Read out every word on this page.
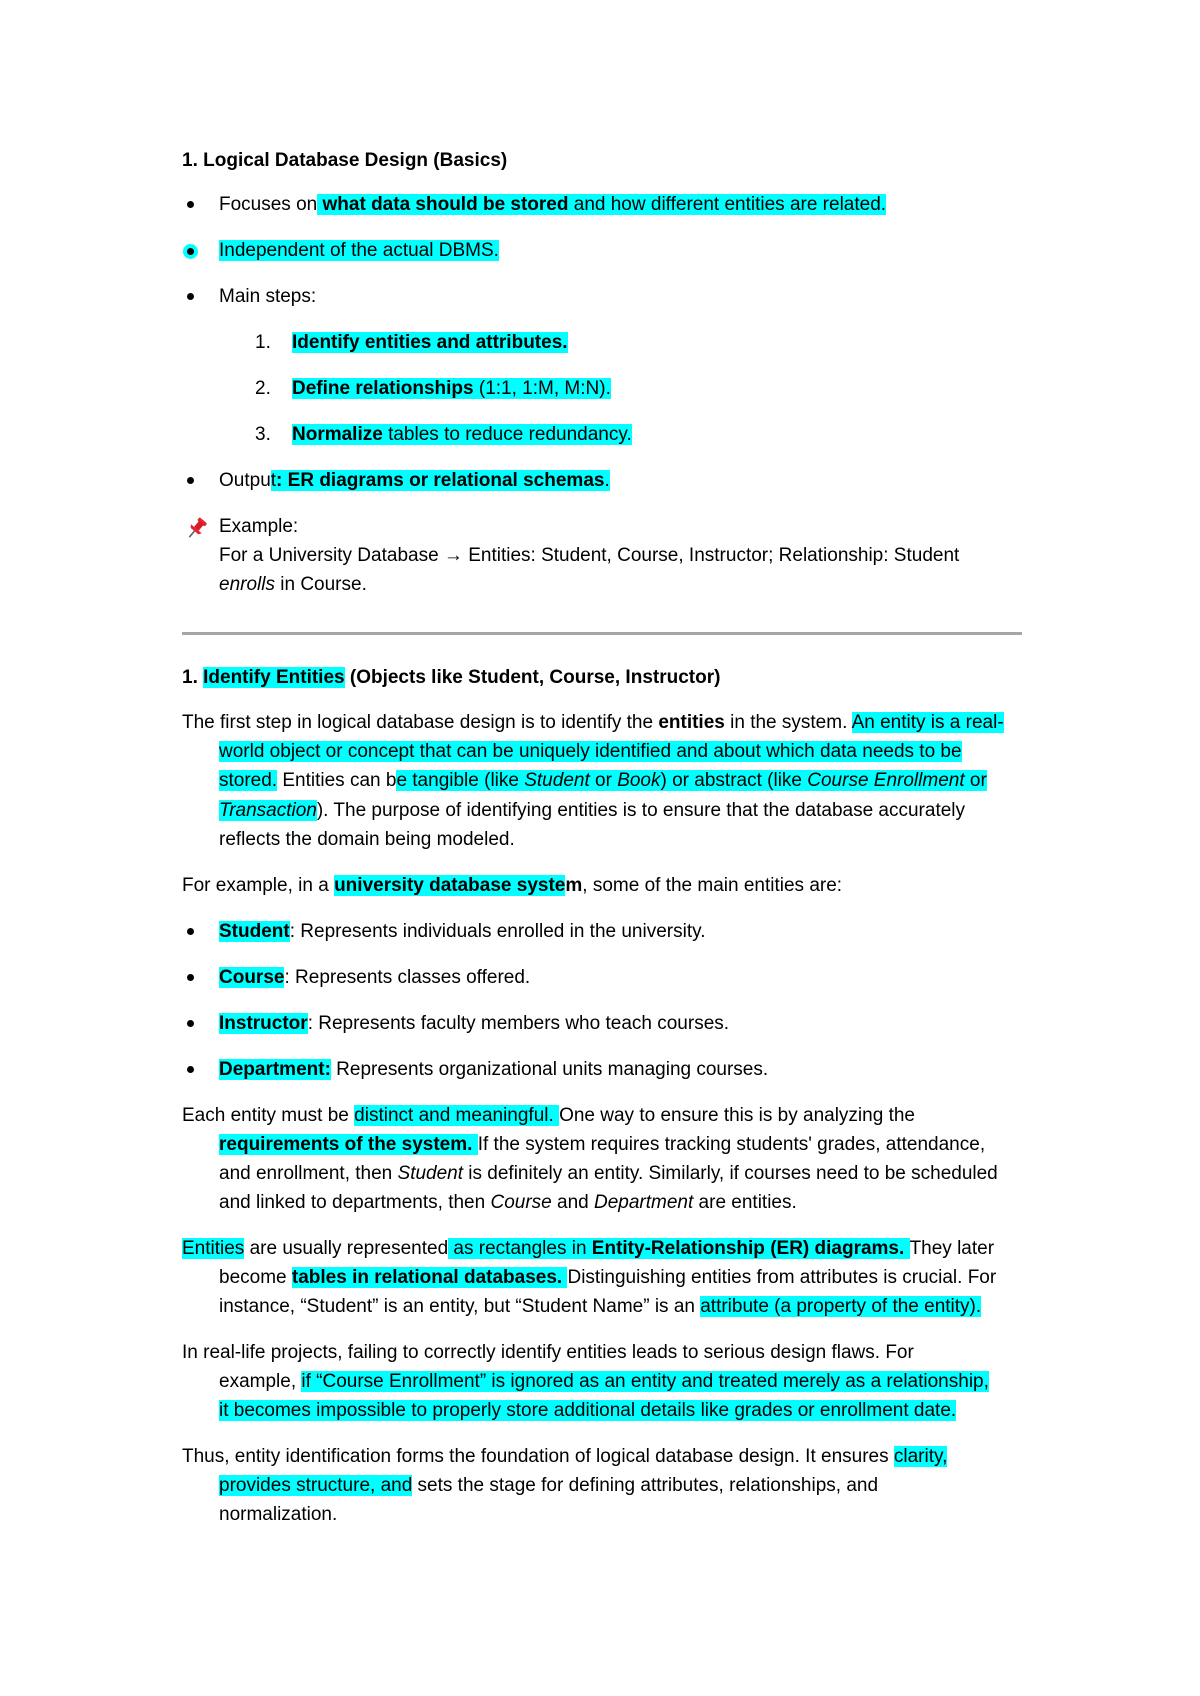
1. Logical Database Design (Basics)
Focuses on what data should be stored and how different entities are related.
Independent of the actual DBMS.
Main steps:
1. Identify entities and attributes.
2. Define relationships (1:1, 1:M, M:N).
3. Normalize tables to reduce redundancy.
Output: ER diagrams or relational schemas.
Example:
For a University Database → Entities: Student, Course, Instructor; Relationship: Student
enrolls in Course.
1. Identify Entities (Objects like Student, Course, Instructor)
The first step in logical database design is to identify the entities in the system. An entity is a real-
world object or concept that can be uniquely identified and about which data needs to be
stored. Entities can be tangible (like Student or Book) or abstract (like Course Enrollment or
Transaction). The purpose of identifying entities is to ensure that the database accurately
reflects the domain being modeled.
For example, in a university database system, some of the main entities are:
Student: Represents individuals enrolled in the university.
Course: Represents classes offered.
Instructor: Represents faculty members who teach courses.
Department: Represents organizational units managing courses.
Each entity must be distinct and meaningful. One way to ensure this is by analyzing the
requirements of the system. If the system requires tracking students' grades, attendance,
and enrollment, then Student is definitely an entity. Similarly, if courses need to be scheduled
and linked to departments, then Course and Department are entities.
Entities are usually represented as rectangles in Entity-Relationship (ER) diagrams. They later
become tables in relational databases. Distinguishing entities from attributes is crucial. For
instance, “Student” is an entity, but “Student Name” is an attribute (a property of the entity).
In real-life projects, failing to correctly identify entities leads to serious design flaws. For
example, if “Course Enrollment” is ignored as an entity and treated merely as a relationship,
it becomes impossible to properly store additional details like grades or enrollment date.
Thus, entity identification forms the foundation of logical database design. It ensures clarity,
provides structure, and sets the stage for defining attributes, relationships, and
normalization.
